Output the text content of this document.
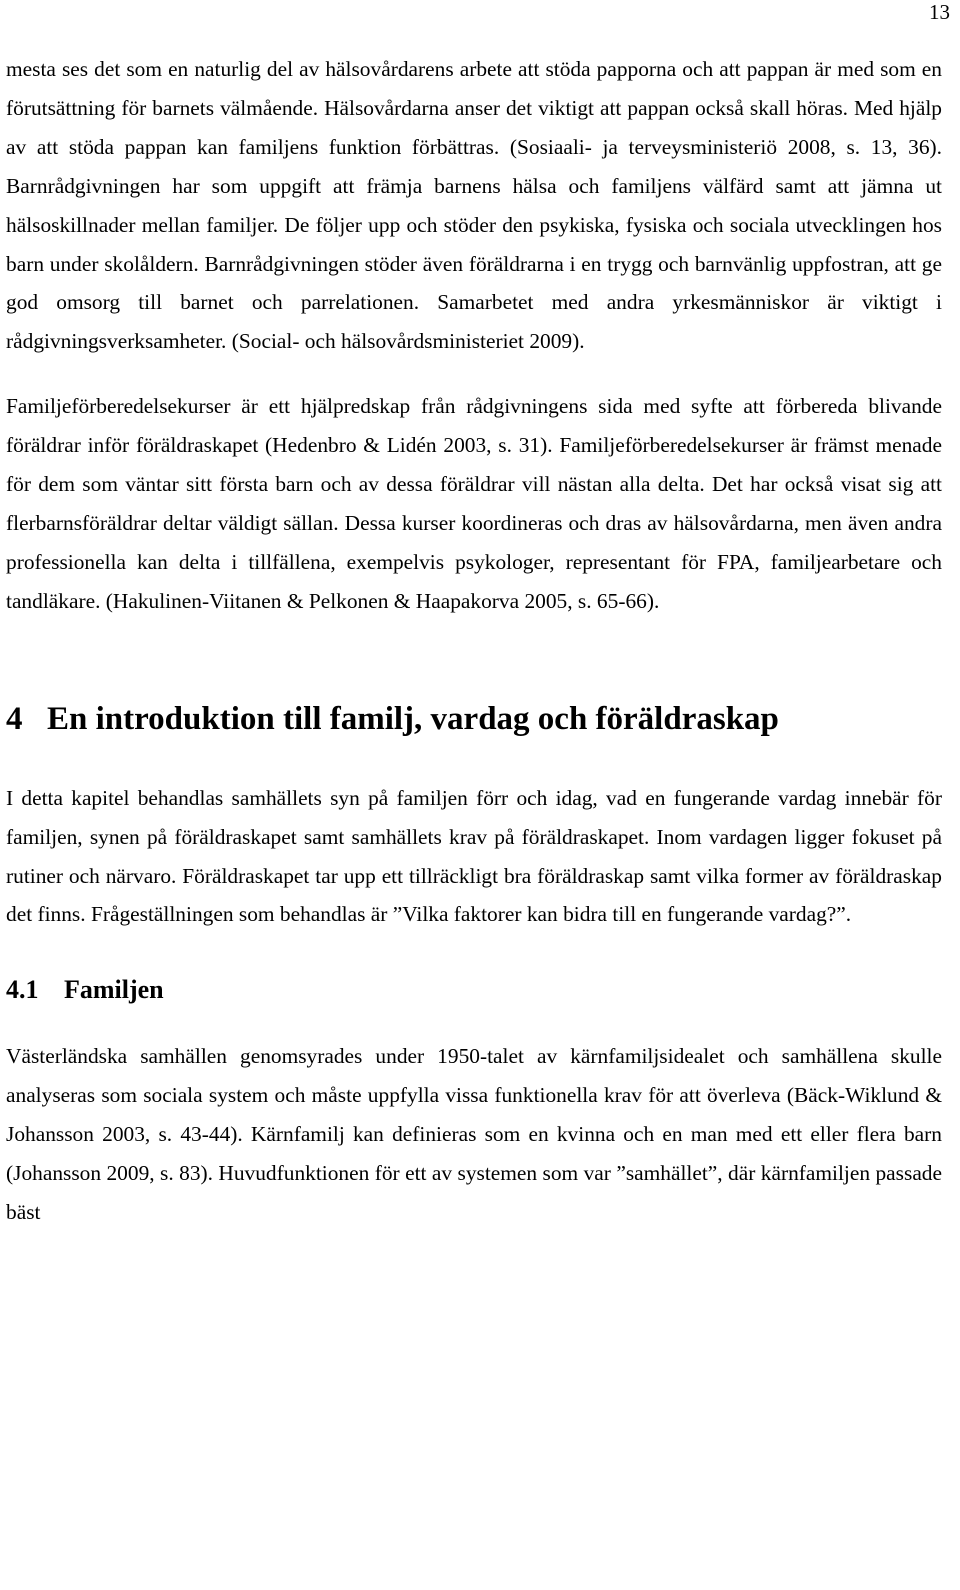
13

mesta ses det som en naturlig del av hälsovårdarens arbete att stöda papporna och att pappan är med som en förutsättning för barnets välmående. Hälsovårdarna anser det viktigt att pappan också skall höras. Med hjälp av att stöda pappan kan familjens funktion förbättras. (Sosiaali- ja terveysministeriö 2008, s. 13, 36). Barnrådgivningen har som uppgift att främja barnens hälsa och familjens välfärd samt att jämna ut hälsoskillnader mellan familjer. De följer upp och stöder den psykiska, fysiska och sociala utvecklingen hos barn under skolåldern. Barnrådgivningen stöder även föräldrarna i en trygg och barnvänlig uppfostran, att ge god omsorg till barnet och parrelationen. Samarbetet med andra yrkesmänniskor är viktigt i rådgivningsverksamheter. (Social- och hälsovårdsministeriet 2009).

Familjeförberedelsekurser är ett hjälpredskap från rådgivningens sida med syfte att förbereda blivande föräldrar inför föräldraskapet (Hedenbro & Lidén 2003, s. 31). Familjeförberedelsekurser är främst menade för dem som väntar sitt första barn och av dessa föräldrar vill nästan alla delta. Det har också visat sig att flerbarnsföräldrar deltar väldigt sällan. Dessa kurser koordineras och dras av hälsovårdarna, men även andra professionella kan delta i tillfällena, exempelvis psykologer, representant för FPA, familjearbetare och tandläkare. (Hakulinen-Viitanen & Pelkonen & Haapakorva 2005, s. 65-66).

4 En introduktion till familj, vardag och föräldraskap

I detta kapitel behandlas samhällets syn på familjen förr och idag, vad en fungerande vardag innebär för familjen, synen på föräldraskapet samt samhällets krav på föräldraskapet. Inom vardagen ligger fokuset på rutiner och närvaro. Föräldraskapet tar upp ett tillräckligt bra föräldraskap samt vilka former av föräldraskap det finns. Frågeställningen som behandlas är ”Vilka faktorer kan bidra till en fungerande vardag?”.

4.1 Familjen

Västerländska samhällen genomsyrades under 1950-talet av kärnfamiljsidealet och samhällena skulle analyseras som sociala system och måste uppfylla vissa funktionella krav för att överleva (Bäck-Wiklund & Johansson 2003, s. 43-44). Kärnfamilj kan definieras som en kvinna och en man med ett eller flera barn (Johansson 2009, s. 83). Huvudfunktionen för ett av systemen som var ”samhället”, där kärnfamiljen passade bäst
